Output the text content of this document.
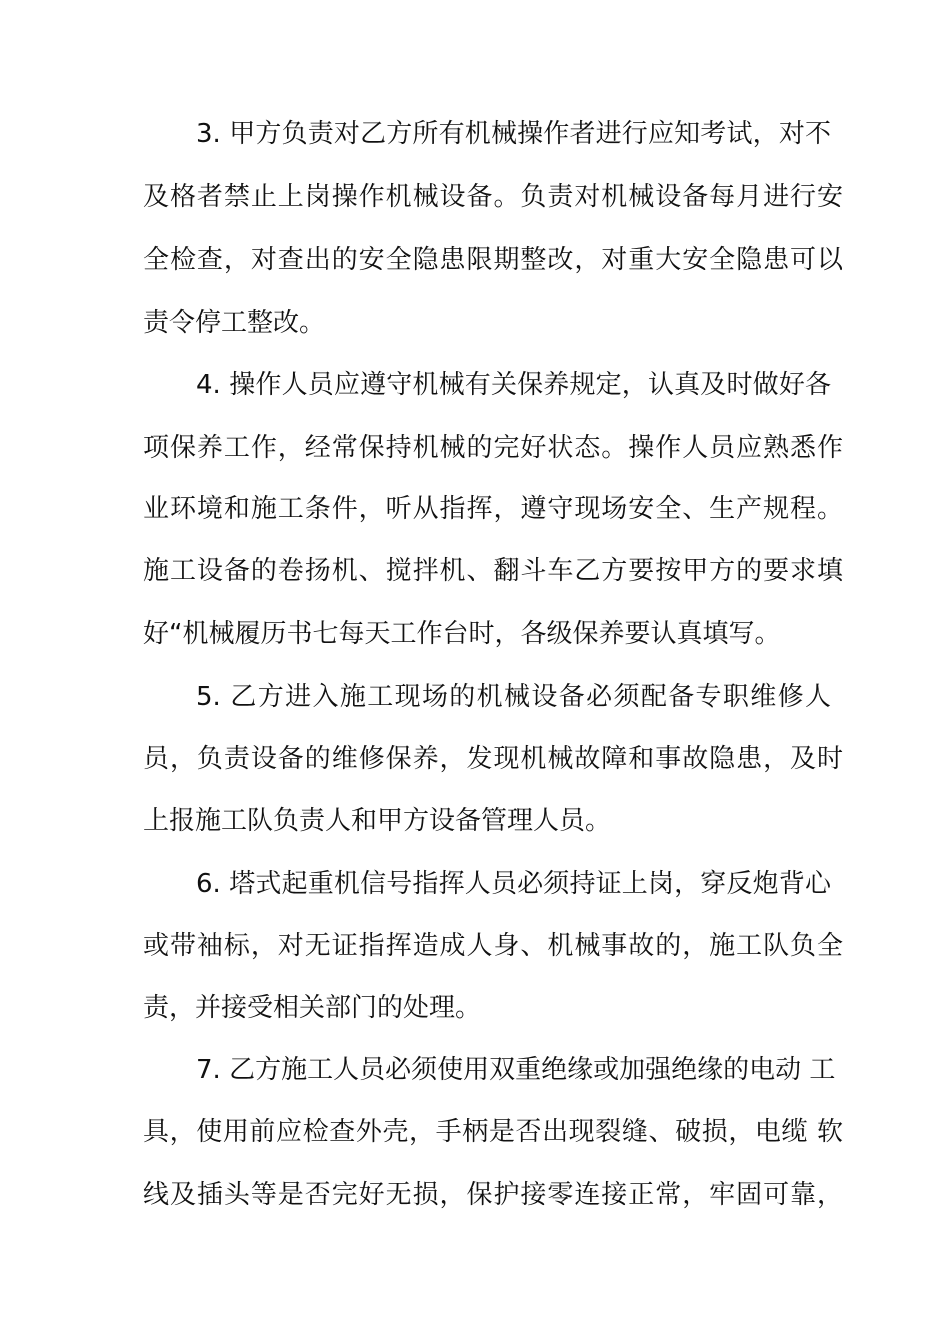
3. 甲方负责对乙方所有机械操作者进行应知考试，对不
及格者禁止上岗操作机械设备。负责对机械设备每月进行安
全检查，对查出的安全隐患限期整改，对重大安全隐患可以
责令停工整改。
4. 操作人员应遵守机械有关保养规定，认真及时做好各
项保养工作，经常保持机械的完好状态。操作人员应熟悉作
业环境和施工条件，听从指挥，遵守现场安全、生产规程。
施工设备的卷扬机、搅拌机、翻斗车乙方要按甲方的要求填
好“机械履历书七每天工作台时，各级保养要认真填写。
5. 乙方进入施工现场的机械设备必须配备专职维修人
员，负责设备的维修保养，发现机械故障和事故隐患，及时
上报施工队负责人和甲方设备管理人员。
6. 塔式起重机信号指挥人员必须持证上岗，穿反炮背心
或带袖标，对无证指挥造成人身、机械事故的，施工队负全
责，并接受相关部门的处理。
7. 乙方施工人员必须使用双重绝缘或加强绝缘的电动 工
具，使用前应检查外壳，手柄是否出现裂缝、破损，电缆 软
线及插头等是否完好无损，保护接零连接正常，牢固可靠，
